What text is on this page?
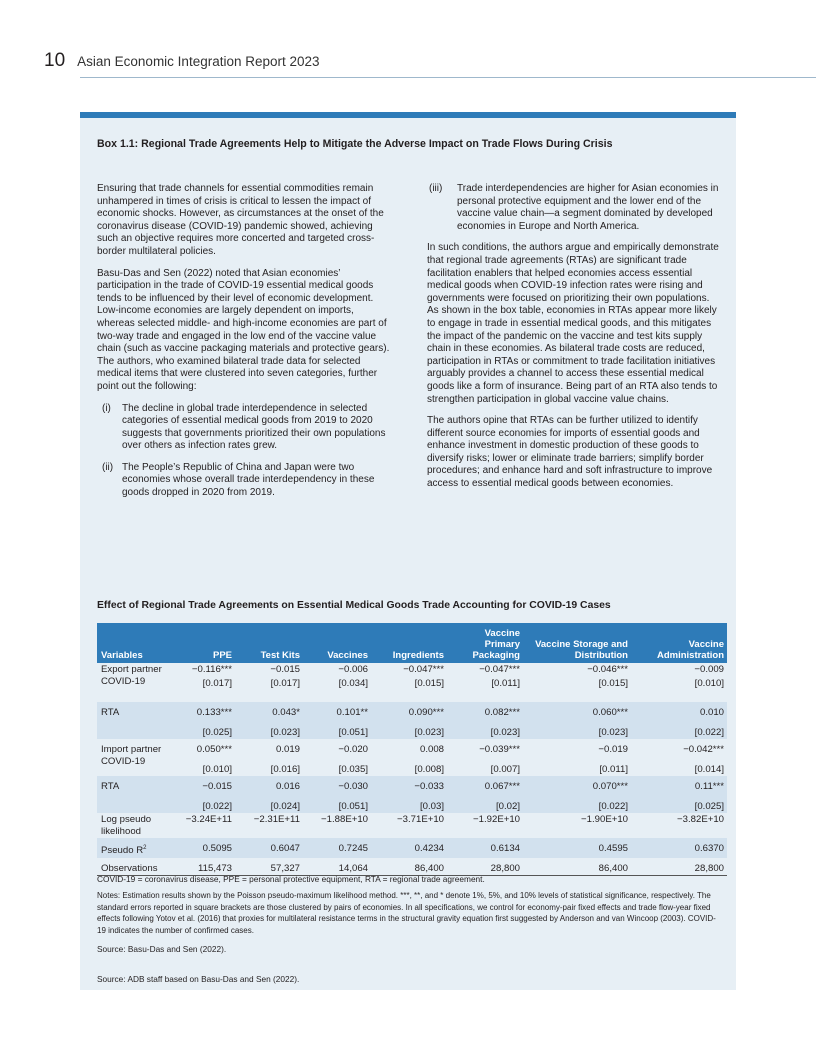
10 Asian Economic Integration Report 2023
Box 1.1: Regional Trade Agreements Help to Mitigate the Adverse Impact on Trade Flows During Crisis

Ensuring that trade channels for essential commodities remain unhampered in times of crisis is critical to lessen the impact of economic shocks. However, as circumstances at the onset of the coronavirus disease (COVID-19) pandemic showed, achieving such an objective requires more concerted and targeted cross-border multilateral policies.

Basu-Das and Sen (2022) noted that Asian economies’ participation in the trade of COVID-19 essential medical goods tends to be influenced by their level of economic development. Low-income economies are largely dependent on imports, whereas selected middle- and high-income economies are part of two-way trade and engaged in the low end of the vaccine value chain (such as vaccine packaging materials and protective gears). The authors, who examined bilateral trade data for selected medical items that were clustered into seven categories, further point out the following:

(i)	The decline in global trade interdependence in selected categories of essential medical goods from 2019 to 2020 suggests that governments prioritized their own populations over others as infection rates grew.
(ii) The People’s Republic of China and Japan were two economies whose overall trade interdependency in these goods dropped in 2020 from 2019.
(iii)	Trade interdependencies are higher for Asian economies in personal protective equipment and the lower end of the vaccine value chain—a segment dominated by developed economies in Europe and North America.

In such conditions, the authors argue and empirically demonstrate that regional trade agreements (RTAs) are significant trade facilitation enablers that helped economies access essential medical goods when COVID-19 infection rates were rising and governments were focused on prioritizing their own populations. As shown in the box table, economies in RTAs appear more likely to engage in trade in essential medical goods, and this mitigates the impact of the pandemic on the vaccine and test kits supply chain in these economies. As bilateral trade costs are reduced, participation in RTAs or commitment to trade facilitation initiatives arguably provides a channel to access these essential medical goods like a form of insurance. Being part of an RTA also tends to strengthen participation in global vaccine value chains.

The authors opine that RTAs can be further utilized to identify different source economies for imports of essential goods and enhance investment in domestic production of these goods to diversify risks; lower or eliminate trade barriers; simplify border procedures; and enhance hard and soft infrastructure to improve access to essential medical goods between economies.

Effect of Regional Trade Agreements on Essential Medical Goods Trade Accounting for COVID-19 Cases
Variables	PPE	Test Kits	Vaccines	Ingredients	Vaccine Primary Packaging	Vaccine Storage and Distribution	Vaccine Administration
Export partner COVID-19	−0.116***	−0.015	−0.006	−0.047***	−0.047***	−0.046***	−0.009
	[0.017]	[0.017]	[0.034]	[0.015]	[0.011]	[0.015]	[0.010]
RTA	0.133***	0.043*	0.101**	0.090***	0.082***	0.060***	0.010
	[0.025]	[0.023]	[0.051]	[0.023]	[0.023]	[0.023]	[0.022]
Import partner COVID-19	0.050***	0.019	−0.020	0.008	−0.039***	−0.019	−0.042***
	[0.010]	[0.016]	[0.035]	[0.008]	[0.007]	[0.011]	[0.014]
RTA	−0.015	0.016	−0.030	−0.033	0.067***	0.070***	0.11***
	[0.022]	[0.024]	[0.051]	[0.03]	[0.02]	[0.022]	[0.025]
Log pseudo likelihood	−3.24E+11	−2.31E+11	−1.88E+10	−3.71E+10	−1.92E+10	−1.90E+10	−3.82E+10
Pseudo $R^2$	0.5095	0.6047	0.7245	0.4234	0.6134	0.4595	0.6370
Observations	115,473	57,327	14,064	86,400	28,800	86,400	28,800
COVID-19 = coronavirus disease, PPE = personal protective equipment, RTA = regional trade agreement.
Notes: Estimation results shown by the Poisson pseudo-maximum likelihood method. ***, **, and * denote 1%, 5%, and 10% levels of statistical significance, respectively. The standard errors reported in square brackets are those clustered by pairs of economies. In all specifications, we control for economy-pair fixed effects and trade flow-year fixed effects following Yotov et al. (2016) that proxies for multilateral resistance terms in the structural gravity equation first suggested by Anderson and van Wincoop (2003). COVID-19 indicates the number of confirmed cases.
Source: Basu-Das and Sen (2022).
Source: ADB staff based on Basu-Das and Sen (2022).
